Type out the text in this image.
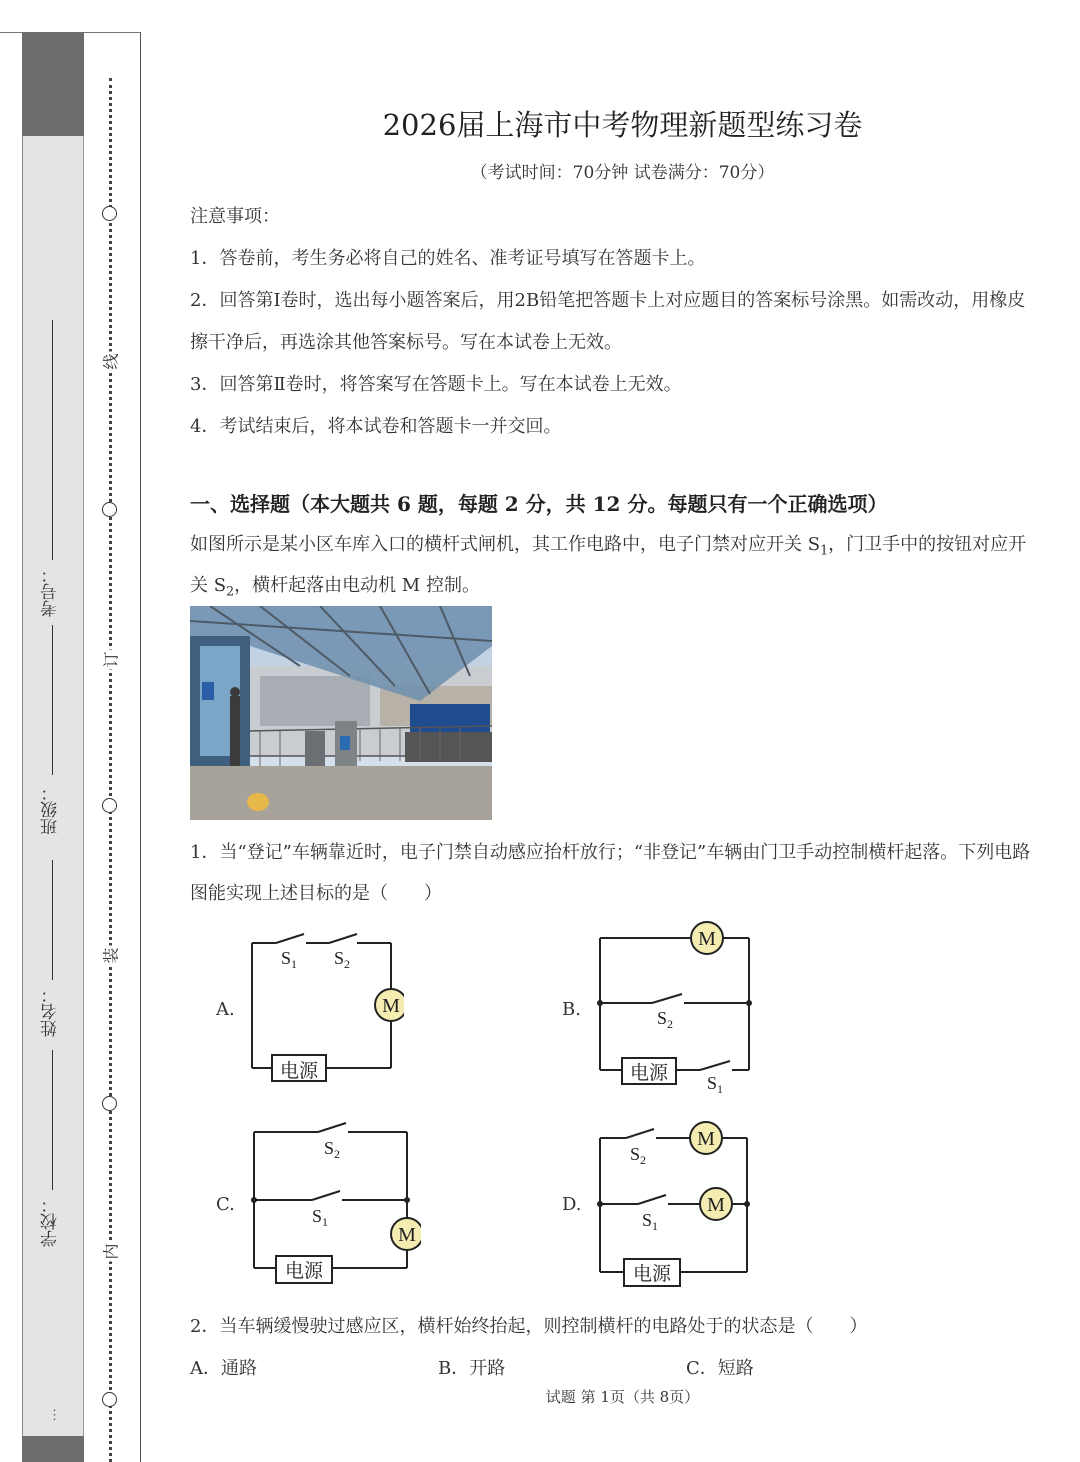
学校：
姓名：
班级：
考号：
⋮
线
订
装
内
2026届上海市中考物理新题型练习卷
（考试时间：70分钟 试卷满分：70分）
注意事项：
1．答卷前，考生务必将自己的姓名、准考证号填写在答题卡上。
2．回答第Ⅰ卷时，选出每小题答案后，用2B铅笔把答题卡上对应题目的答案标号涂黑。如需改动，用橡皮
擦干净后，再选涂其他答案标号。写在本试卷上无效。
3．回答第Ⅱ卷时，将答案写在答题卡上。写在本试卷上无效。
4．考试结束后，将本试卷和答题卡一并交回。
一、选择题（本大题共 6 题，每题 2 分，共 12 分。每题只有一个正确选项）
如图所示是某小区车库入口的横杆式闸机，其工作电路中，电子门禁对应开关 $S_1$，门卫手中的按钮对应开
关 $S_2$，横杆起落由电动机 M 控制。
1．当“登记”车辆靠近时，电子门禁自动感应抬杆放行；“非登记”车辆由门卫手动控制横杆起落。下列电路
图能实现上述目标的是（　　）
A.	M
电源
$S_1$ $S_2$
B.
M
电源
$S_2$
$S_1$
C.
M
电源
$S_2$
$S_1$
D.
M
M
电源
$S_2$
$S_1$
2．当车辆缓慢驶过感应区，横杆始终抬起，则控制横杆的电路处于的状态是（　　）
A．通路	B．开路	C．短路
试题 第 1页（共 8页）
